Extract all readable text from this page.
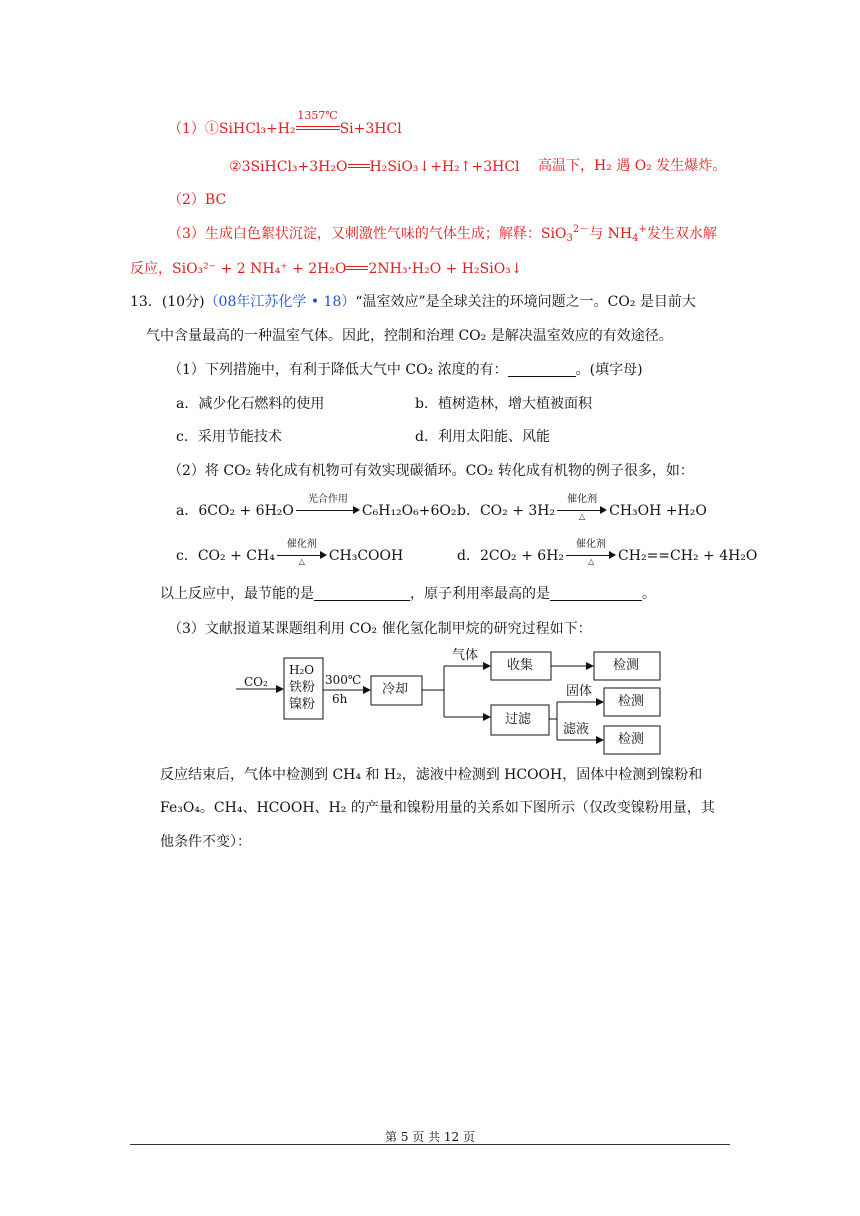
（1）①SiHCl₃+H₂
1357℃
Si+3HCl
②3SiHCl₃+3H₂O H₂SiO₃↓+H₂↑+3HCl 高温下，H₂ 遇 O₂ 发生爆炸。
（2）BC
（3）生成白色絮状沉淀，又刺激性气味的气体生成；解释：SiO$_3^{2-}$与 $NH_4^+$发生双水解
反应，SiO₃²⁻ + 2 NH₄⁺ + 2H₂O 2NH₃·H₂O + H₂SiO₃↓
13．(10分)（08年江苏化学 • 18）“温室效应”是全球关注的环境问题之一。CO₂ 是目前大
气中含量最高的一种温室气体。因此，控制和治理 CO₂ 是解决温室效应的有效途径。
（1）下列措施中，有利于降低大气中 CO₂ 浓度的有：	。(填字母)
a．减少化石燃料的使用	b．植树造林，增大植被面积
c．采用节能技术	d．利用太阳能、风能
（2）将 CO₂ 转化成有机物可有效实现碳循环。CO₂ 转化成有机物的例子很多，如：
a．6CO₂ + 6H₂O
光合作用
C₆H₁₂O₆+6O₂ b．CO₂ + 3H₂
催化剂
△	CH₃OH +H₂O
c．CO₂ + CH₄
催化剂
△	CH₃COOH	d．2CO₂ + 6H₂
催化剂
△	CH₂==CH₂ + 4H₂O
以上反应中，最节能的是	，原子利用率最高的是	。
（3）文献报道某课题组利用 CO₂ 催化氢化制甲烷的研究过程如下：
CO₂
H₂O
铁粉
镍粉
300℃
6h
冷却
气体
收集	检测
过滤
固体
滤液
检测
检测
反应结束后，气体中检测到 CH₄ 和 H₂，滤液中检测到 HCOOH，固体中检测到镍粉和
Fe₃O₄。CH₄、HCOOH、H₂ 的产量和镍粉用量的关系如下图所示（仅改变镍粉用量，其
他条件不变）：
第 5 页 共 12 页
